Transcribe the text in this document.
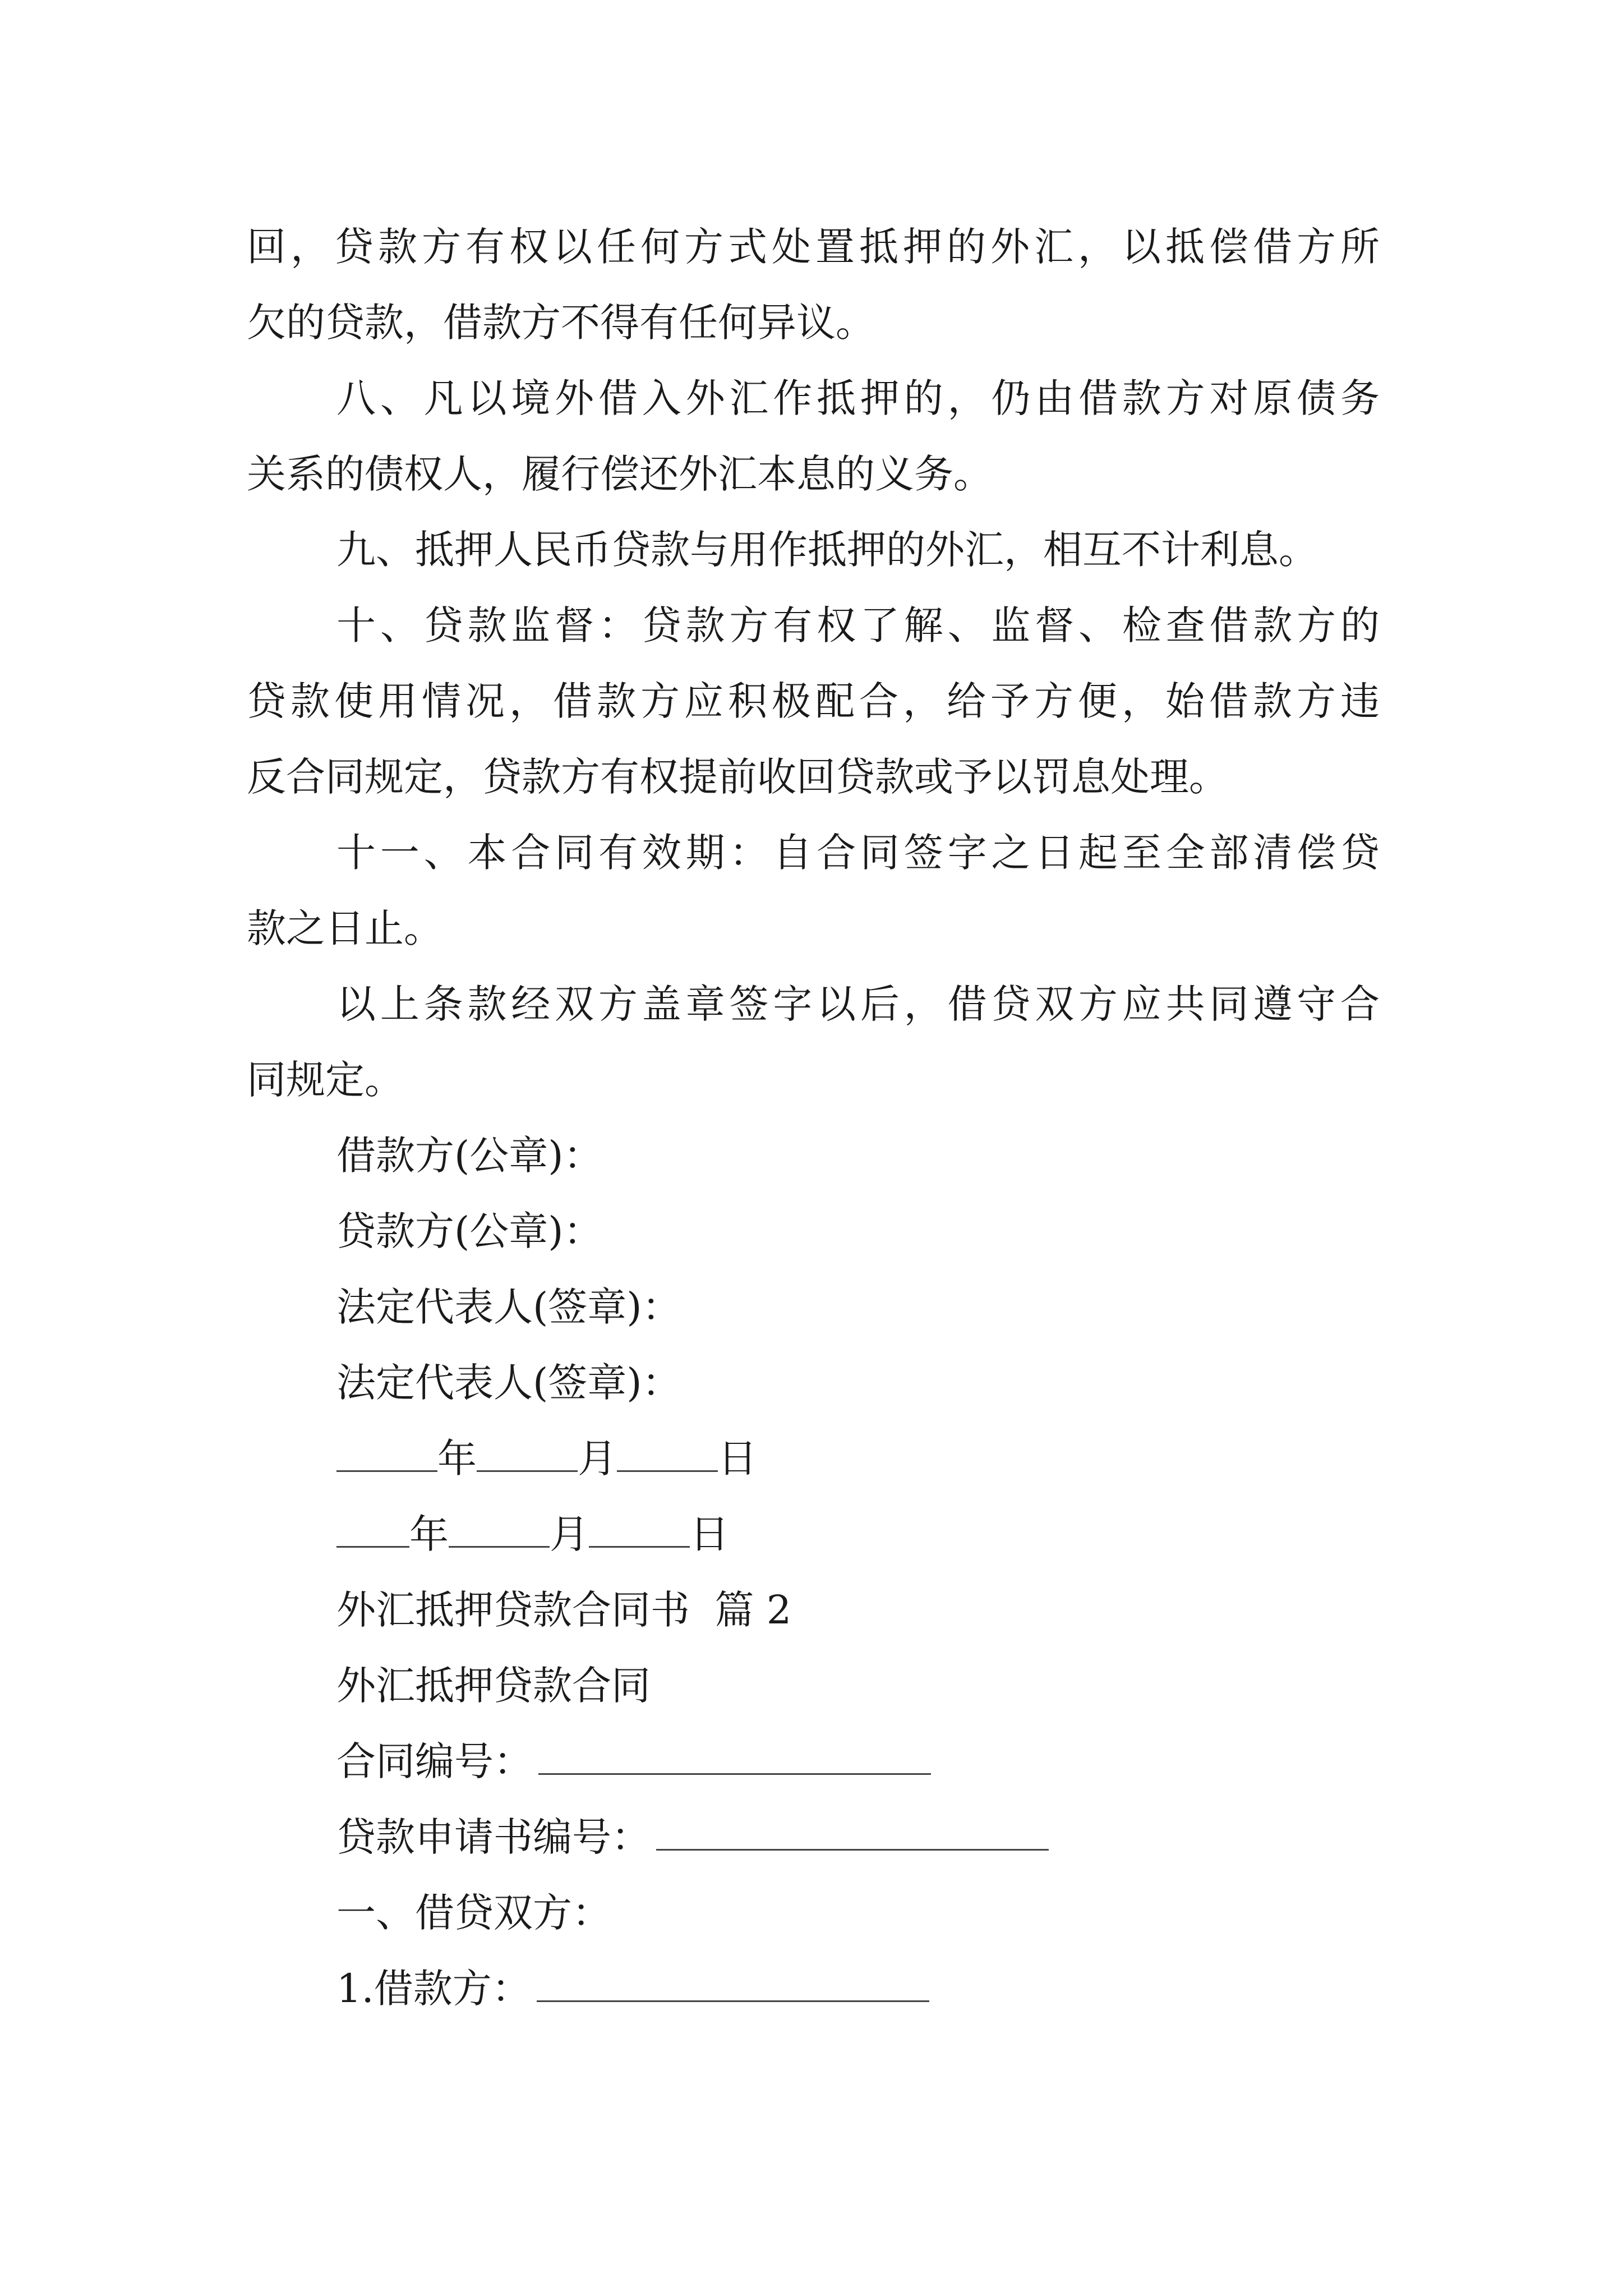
回，贷款方有权以任何方式处置抵押的外汇，以抵偿借方所
欠的贷款，借款方不得有任何异议。
八、凡以境外借入外汇作抵押的，仍由借款方对原债务
关系的债权人，履行偿还外汇本息的义务。
九、抵押人民币贷款与用作抵押的外汇，相互不计利息。
十、贷款监督：贷款方有权了解、监督、检查借款方的
贷款使用情况，借款方应积极配合，给予方便，始借款方违
反合同规定，贷款方有权提前收回贷款或予以罚息处理。
十一、本合同有效期：自合同签字之日起至全部清偿贷
款之日止。
以上条款经双方盖章签字以后，借贷双方应共同遵守合
同规定。
借款方(公章)：
贷款方(公章)：
法定代表人(签章)：
法定代表人(签章)：
年	月	日
年	月	日
外汇抵押贷款合同书  篇 2
外汇抵押贷款合同
合同编号：
贷款申请书编号：
一、借贷双方：
1.借款方：
